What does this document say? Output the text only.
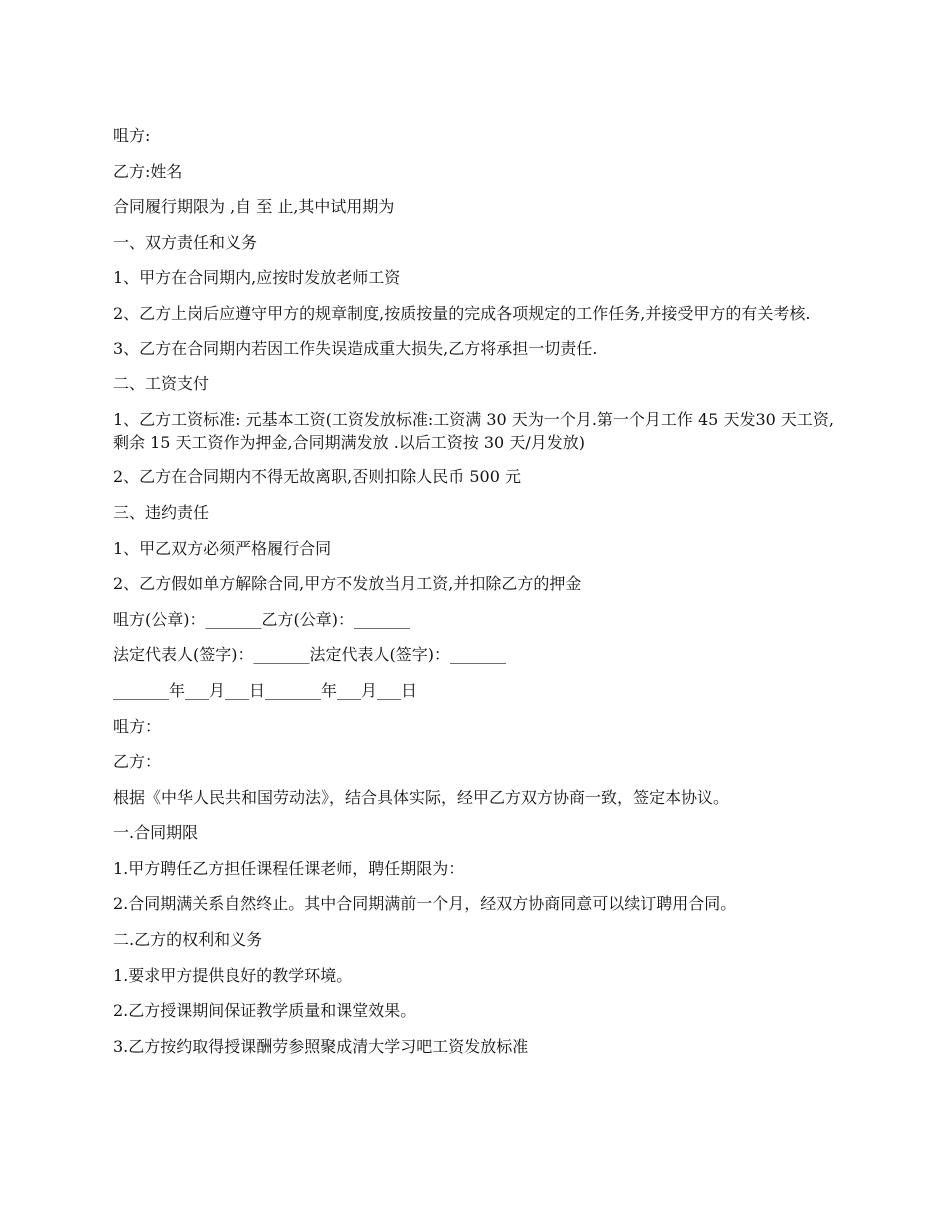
咀方:
乙方:姓名
合同履行期限为 ,自 至 止,其中试用期为
一、双方责任和义务
1、甲方在合同期内,应按时发放老师工资
2、乙方上岗后应遵守甲方的规章制度,按质按量的完成各项规定的工作任务,并接受甲方的有关考核.
3、乙方在合同期内若因工作失误造成重大损失,乙方将承担一切责任.
二、工资支付
1、乙方工资标准: 元基本工资(工资发放标准:工资满 30 天为一个月.第一个月工作 45 天发30 天工资,剩余 15 天工资作为押金,合同期满发放 .以后工资按 30 天/月发放)
2、乙方在合同期内不得无故离职,否则扣除人民币 500 元
三、违约责任
1、甲乙双方必须严格履行合同
2、乙方假如单方解除合同,甲方不发放当月工资,并扣除乙方的押金
咀方(公章)：_______乙方(公章)：_______
法定代表人(签字)：_______法定代表人(签字)：_______
_______年___月___日_______年___月___日
咀方：
乙方：
根据《中华人民共和国劳动法》，结合具体实际，经甲乙方双方协商一致，签定本协议。
一.合同期限
1.甲方聘任乙方担任课程任课老师，聘任期限为：
2.合同期满关系自然终止。其中合同期满前一个月，经双方协商同意可以续订聘用合同。
二.乙方的权利和义务
1.要求甲方提供良好的教学环境。
2.乙方授课期间保证教学质量和课堂效果。
3.乙方按约取得授课酬劳参照聚成清大学习吧工资发放标准
